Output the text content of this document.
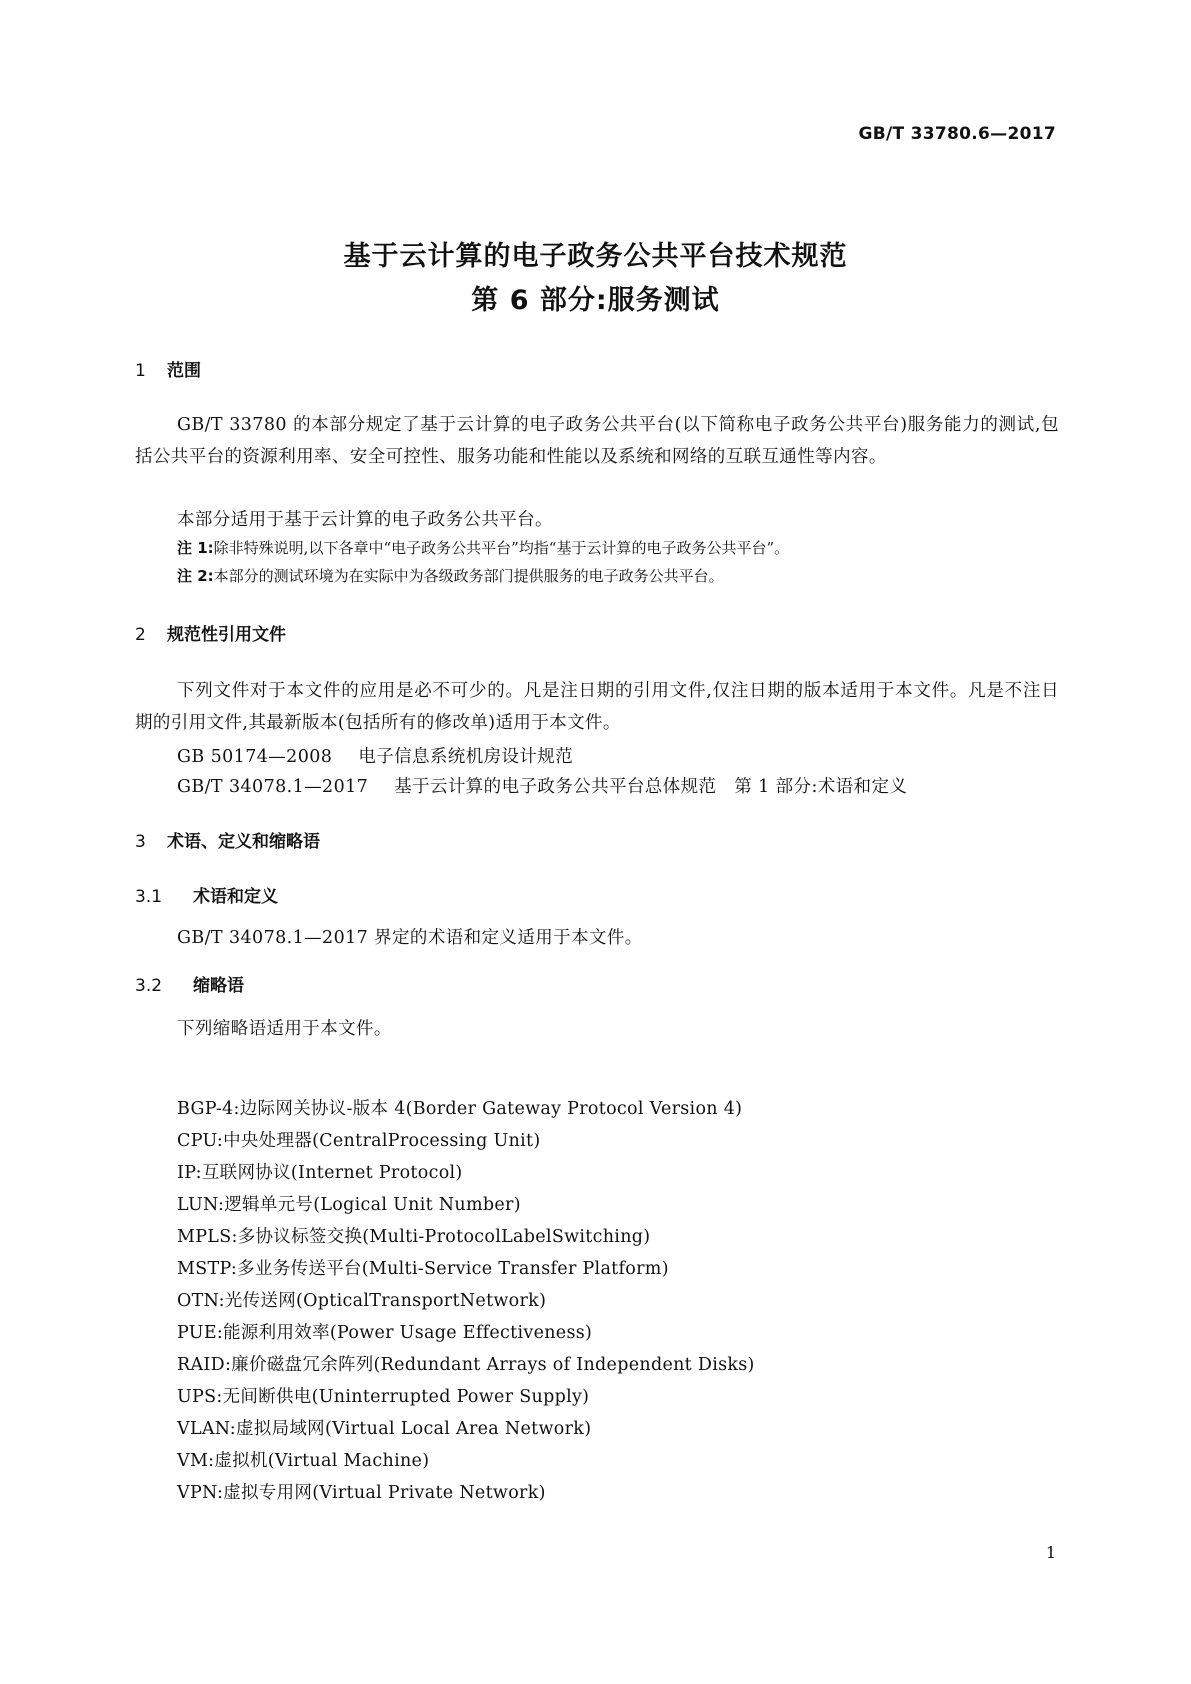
GB/T 33780.6—2017
基于云计算的电子政务公共平台技术规范
第 6 部分:服务测试
1 范围
GB/T 33780 的本部分规定了基于云计算的电子政务公共平台(以下简称电子政务公共平台)服务能力的测试,包括公共平台的资源利用率、安全可控性、服务功能和性能以及系统和网络的互联互通性等内容。
本部分适用于基于云计算的电子政务公共平台。
注 1:除非特殊说明,以下各章中“电子政务公共平台”均指“基于云计算的电子政务公共平台”。
注 2:本部分的测试环境为在实际中为各级政务部门提供服务的电子政务公共平台。
2 规范性引用文件
下列文件对于本文件的应用是必不可少的。凡是注日期的引用文件,仅注日期的版本适用于本文件。凡是不注日期的引用文件,其最新版本(包括所有的修改单)适用于本文件。
GB 50174—2008 电子信息系统机房设计规范
GB/T 34078.1—2017 基于云计算的电子政务公共平台总体规范　第 1 部分:术语和定义
3 术语、定义和缩略语
3.1 术语和定义
GB/T 34078.1—2017 界定的术语和定义适用于本文件。
3.2 缩略语
下列缩略语适用于本文件。
BGP-4:边际网关协议-版本 4(Border Gateway Protocol Version 4)
CPU:中央处理器(CentralProcessing Unit)
IP:互联网协议(Internet Protocol)
LUN:逻辑单元号(Logical Unit Number)
MPLS:多协议标签交换(Multi-ProtocolLabelSwitching)
MSTP:多业务传送平台(Multi-Service Transfer Platform)
OTN:光传送网(OpticalTransportNetwork)
PUE:能源利用效率(Power Usage Effectiveness)
RAID:廉价磁盘冗余阵列(Redundant Arrays of Independent Disks)
UPS:无间断供电(Uninterrupted Power Supply)
VLAN:虚拟局域网(Virtual Local Area Network)
VM:虚拟机(Virtual Machine)
VPN:虚拟专用网(Virtual Private Network)
1
